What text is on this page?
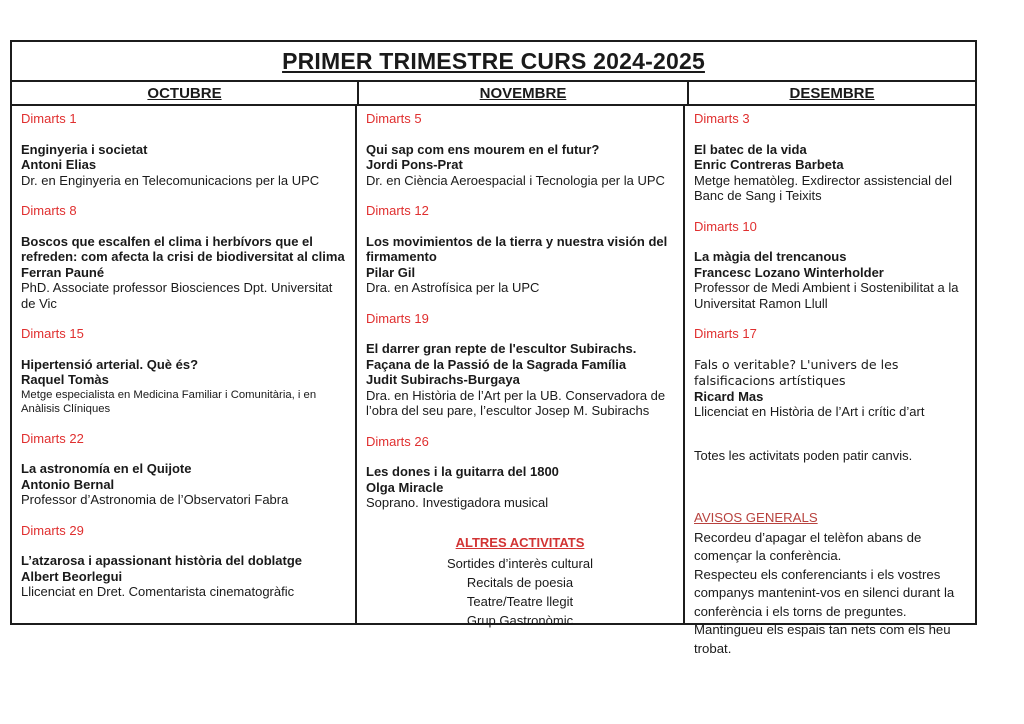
PRIMER TRIMESTRE CURS 2024-2025
OCTUBRE	NOVEMBRE	DESEMBRE
Dimarts 1
Enginyeria i societat
Antoni Elias
Dr. en Enginyeria en Telecomunicacions per la UPC
Dimarts 8
Boscos que escalfen el clima i herbívors que el refreden: com afecta la crisi de biodiversitat al clima
Ferran Pauné
PhD. Associate professor Biosciences Dpt. Universitat de Vic
Dimarts 15
Hipertensió arterial. Què és?
Raquel Tomàs
Metge especialista en Medicina Familiar i Comunitària, i en Anàlisis Clíniques
Dimarts 22
La astronomía en el Quijote
Antonio Bernal
Professor d’Astronomia de l’Observatori Fabra
Dimarts 29
L’atzarosa i apassionant història del doblatge
Albert Beorlegui
Llicenciat en Dret. Comentarista cinematogràfic
Dimarts 5
Qui sap com ens mourem en el futur?
Jordi Pons-Prat
Dr. en Ciència Aeroespacial i Tecnologia per la UPC
Dimarts 12
Los movimientos de la tierra y nuestra visión del firmamento
Pilar Gil
Dra. en Astrofísica per la UPC
Dimarts 19
El darrer gran repte de l'escultor Subirachs. Façana de la Passió de la Sagrada Família
Judit Subirachs-Burgaya
Dra. en Història de l’Art per la UB. Conservadora de l’obra del seu pare, l’escultor Josep M. Subirachs
Dimarts 26
Les dones i la guitarra del 1800
Olga Miracle
Soprano. Investigadora musical
ALTRES ACTIVITATS
Sortides d’interès cultural
Recitals de poesia
Teatre/Teatre llegit
Grup Gastronòmic
Dimarts 3
El batec de la vida
Enric Contreras Barbeta
Metge hematòleg. Exdirector assistencial del Banc de Sang i Teixits
Dimarts 10
La màgia del trencanous
Francesc Lozano Winterholder
Professor de Medi Ambient i Sostenibilitat a la Universitat Ramon Llull
Dimarts 17
Fals o veritable? L'univers de les falsificacions artístiques
Ricard Mas
Llicenciat en Història de l’Art i crític d’art
Totes les activitats poden patir canvis.
AVISOS GENERALS
Recordeu d’apagar el telèfon abans de començar la conferència.
Respecteu els conferenciants i els vostres companys mantenint-vos en silenci durant la conferència i els torns de preguntes.
Mantingueu els espais tan nets com els heu trobat.
